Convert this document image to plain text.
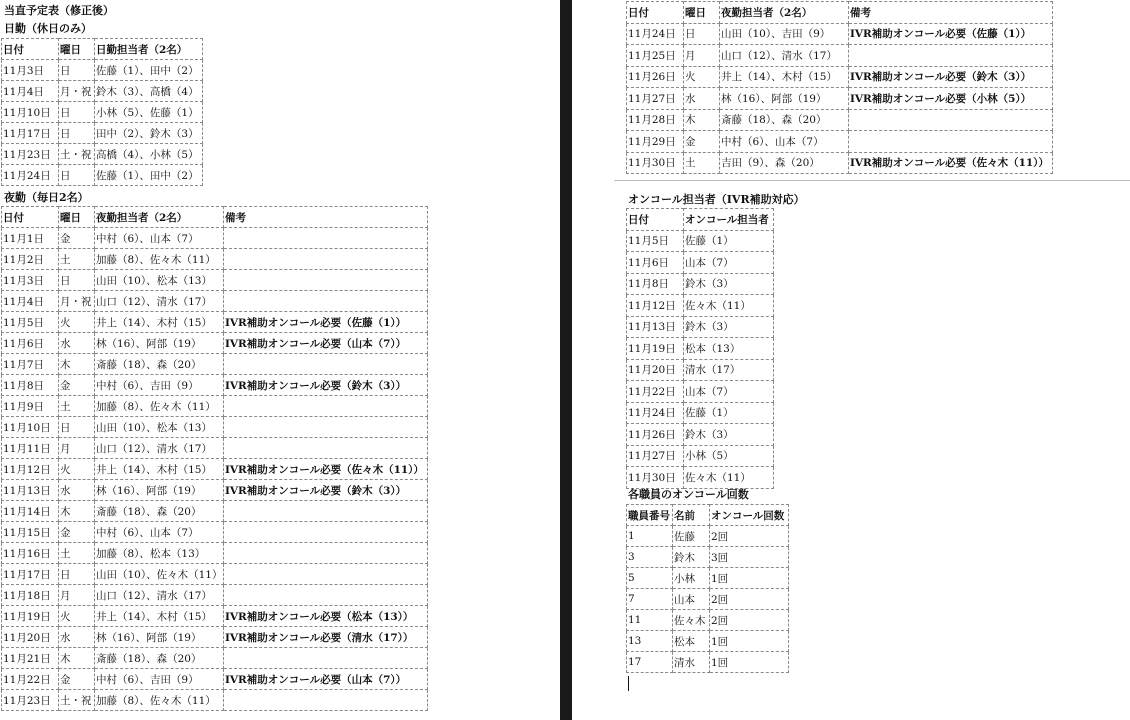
当直予定表（修正後）
日勤（休日のみ）
日付	曜日	日勤担当者（2名）
11月3日	日	佐藤（1）、田中（2）
11月4日	月・祝	鈴木（3）、高橋（4）
11月10日	日	小林（5）、佐藤（1）
11月17日	日	田中（2）、鈴木（3）
11月23日	土・祝	高橋（4）、小林（5）
11月24日	日	佐藤（1）、田中（2）
夜勤（毎日2名）
日付	曜日	夜勤担当者（2名）	備考
11月1日	金	中村（6）、山本（7）	
11月2日	土	加藤（8）、佐々木（11）	
11月3日	日	山田（10）、松本（13）	
11月4日	月・祝	山口（12）、清水（17）	
11月5日	火	井上（14）、木村（15）	IVR補助オンコール必要（佐藤（1））
11月6日	水	林（16）、阿部（19）	IVR補助オンコール必要（山本（7））
11月7日	木	斎藤（18）、森（20）	
11月8日	金	中村（6）、吉田（9）	IVR補助オンコール必要（鈴木（3））
11月9日	土	加藤（8）、佐々木（11）	
11月10日	日	山田（10）、松本（13）	
11月11日	月	山口（12）、清水（17）	
11月12日	火	井上（14）、木村（15）	IVR補助オンコール必要（佐々木（11））
11月13日	水	林（16）、阿部（19）	IVR補助オンコール必要（鈴木（3））
11月14日	木	斎藤（18）、森（20）	
11月15日	金	中村（6）、山本（7）	
11月16日	土	加藤（8）、松本（13）	
11月17日	日	山田（10）、佐々木（11）	
11月18日	月	山口（12）、清水（17）	
11月19日	火	井上（14）、木村（15）	IVR補助オンコール必要（松本（13））
11月20日	水	林（16）、阿部（19）	IVR補助オンコール必要（清水（17））
11月21日	木	斎藤（18）、森（20）	
11月22日	金	中村（6）、吉田（9）	IVR補助オンコール必要（山本（7））
11月23日	土・祝	加藤（8）、佐々木（11）	
日付	曜日	夜勤担当者（2名）	備考
11月24日	日	山田（10）、吉田（9）	IVR補助オンコール必要（佐藤（1））
11月25日	月	山口（12）、清水（17）	
11月26日	火	井上（14）、木村（15）	IVR補助オンコール必要（鈴木（3））
11月27日	水	林（16）、阿部（19）	IVR補助オンコール必要（小林（5））
11月28日	木	斎藤（18）、森（20）	
11月29日	金	中村（6）、山本（7）	
11月30日	土	吉田（9）、森（20）	IVR補助オンコール必要（佐々木（11））
オンコール担当者（IVR補助対応）
日付	オンコール担当者
11月5日	佐藤（1）
11月6日	山本（7）
11月8日	鈴木（3）
11月12日	佐々木（11）
11月13日	鈴木（3）
11月19日	松本（13）
11月20日	清水（17）
11月22日	山本（7）
11月24日	佐藤（1）
11月26日	鈴木（3）
11月27日	小林（5）
11月30日	佐々木（11）
各職員のオンコール回数
職員番号	名前	オンコール回数
1	佐藤	2回
3	鈴木	3回
5	小林	1回
7	山本	2回
11	佐々木	2回
13	松本	1回
17	清水	1回
